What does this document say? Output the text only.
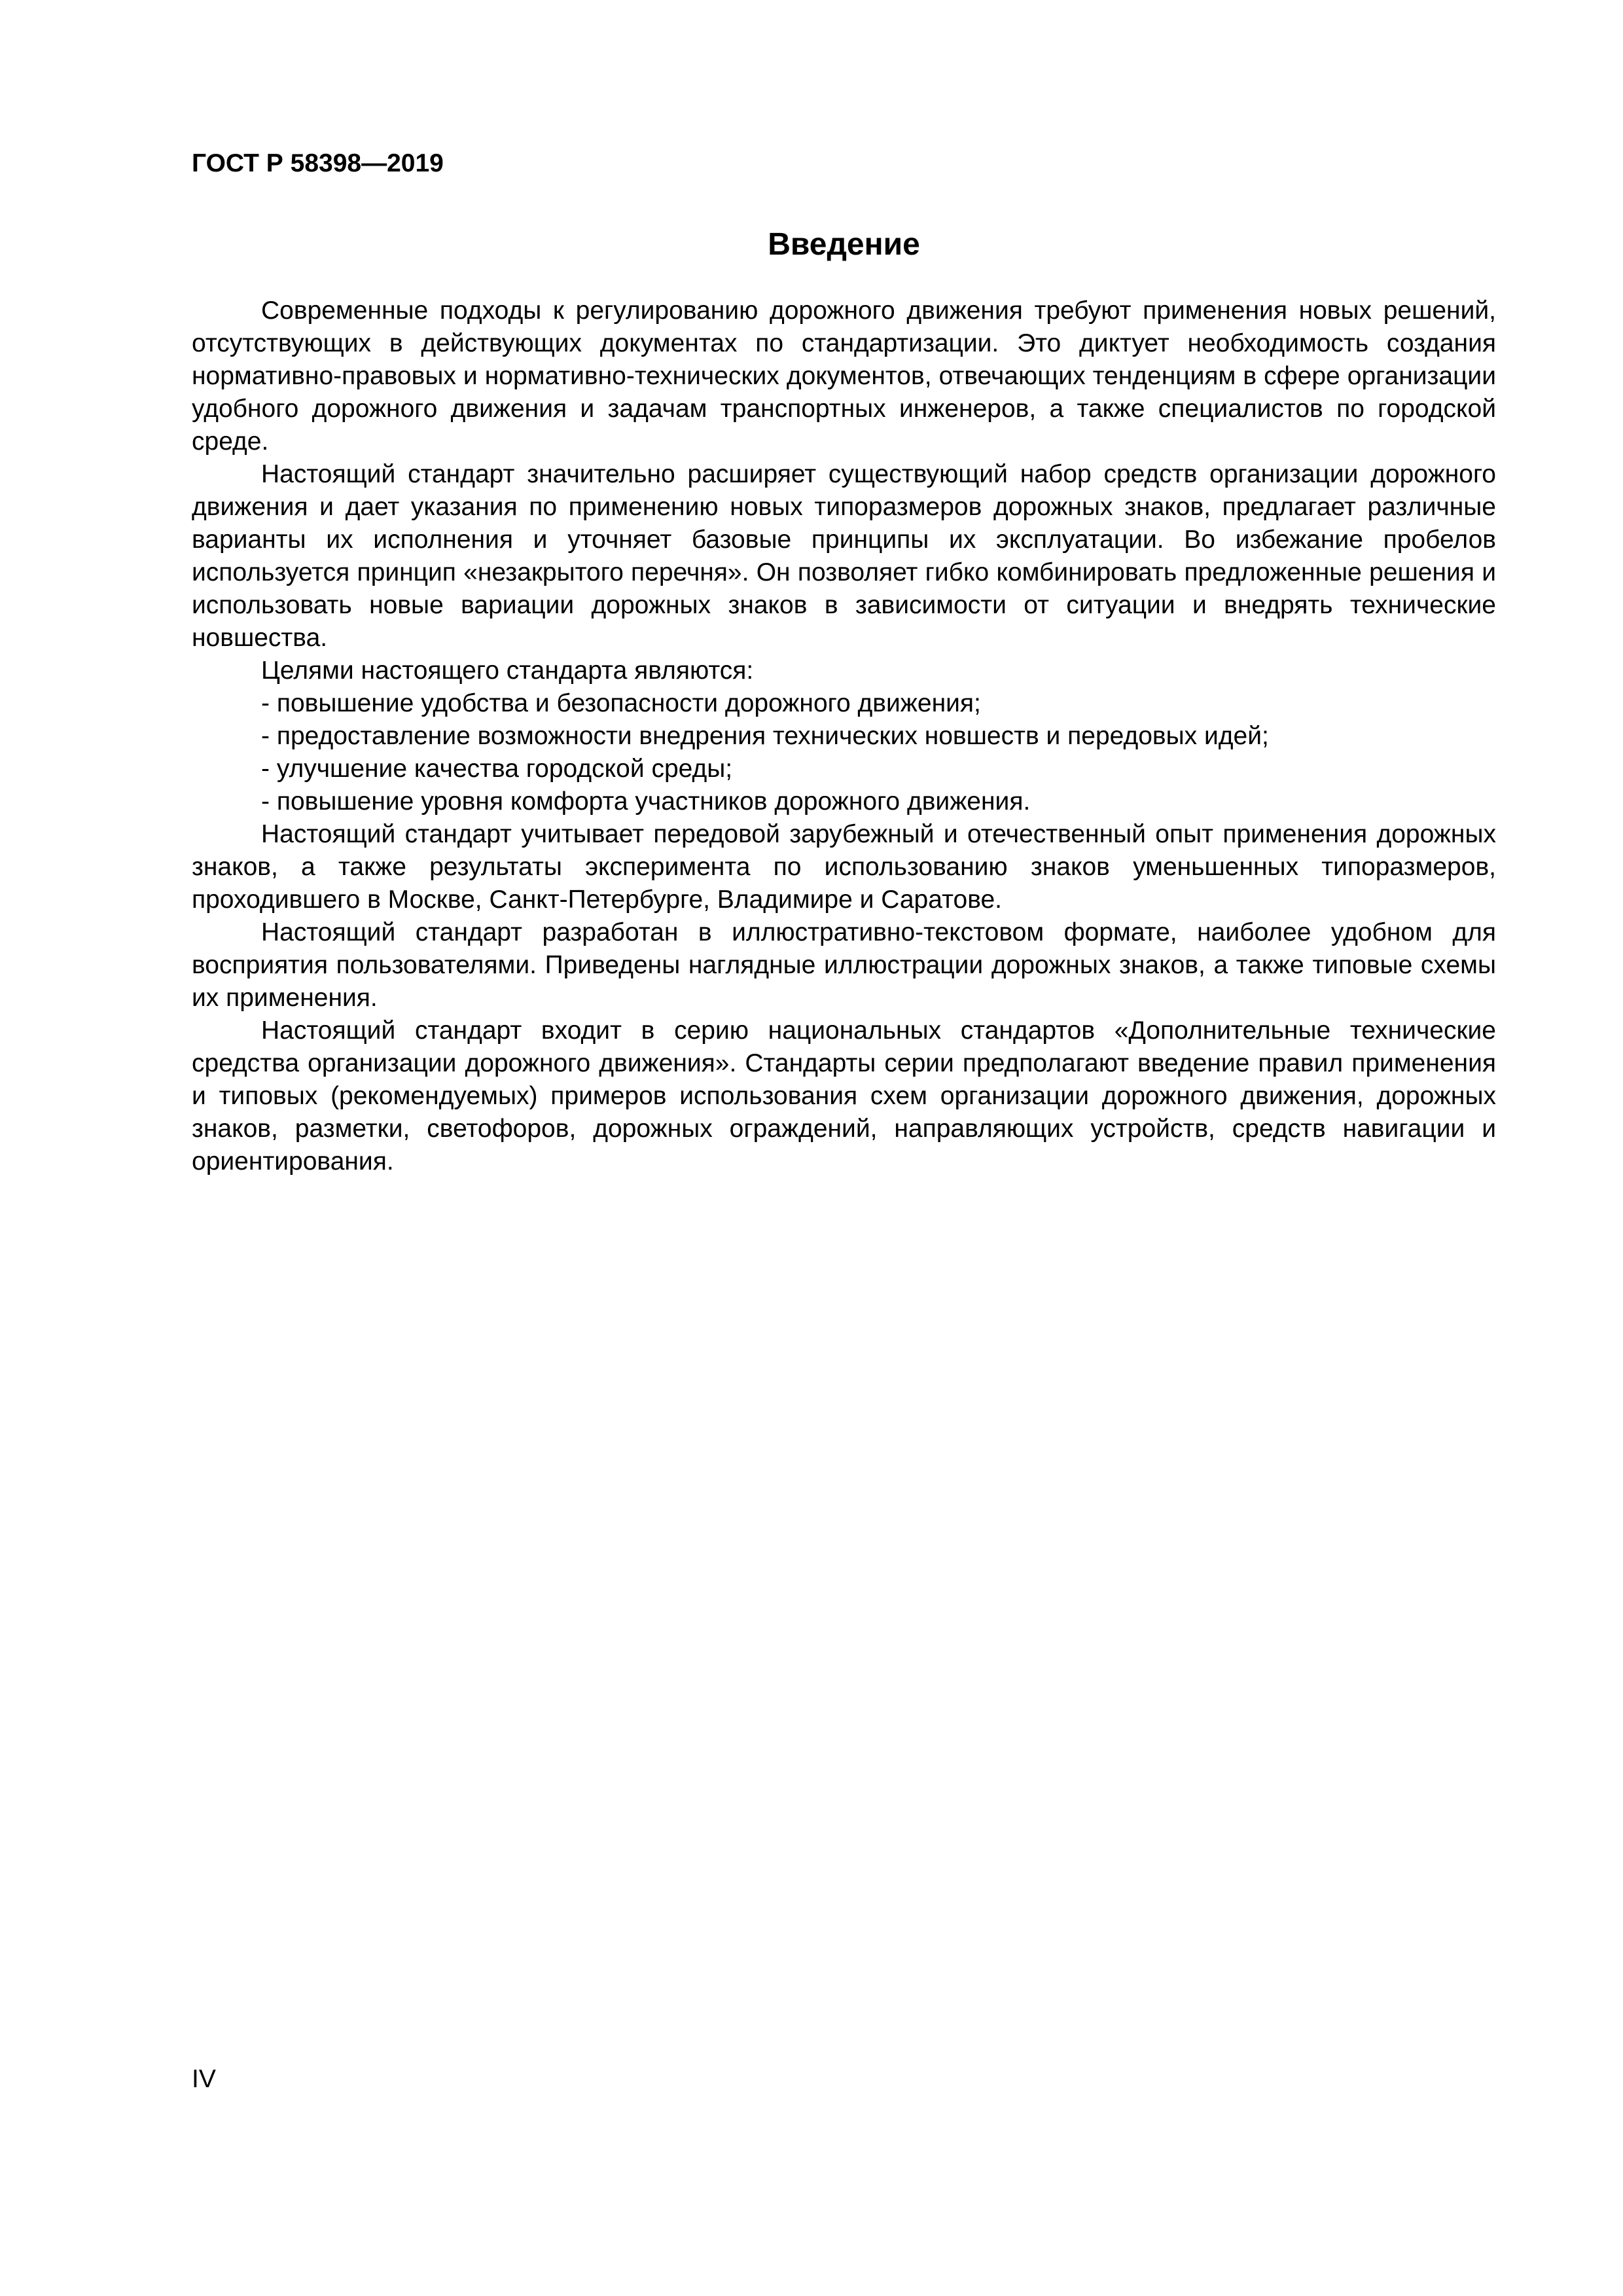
ГОСТ Р 58398—2019
Введение

Современные подходы к регулированию дорожного движения требуют применения новых решений, отсутствующих в действующих документах по стандартизации. Это диктует необходимость создания нормативно-правовых и нормативно-технических документов, отвечающих тенденциям в сфере организации удобного дорожного движения и задачам транспортных инженеров, а также специалистов по городской среде.

Настоящий стандарт значительно расширяет существующий набор средств организации дорожного движения и дает указания по применению новых типоразмеров дорожных знаков, предлагает различные варианты их исполнения и уточняет базовые принципы их эксплуатации. Во избежание пробелов используется принцип «незакрытого перечня». Он позволяет гибко комбинировать предложенные решения и использовать новые вариации дорожных знаков в зависимости от ситуации и внедрять технические новшества.

Целями настоящего стандарта являются:

- повышение удобства и безопасности дорожного движения;

- предоставление возможности внедрения технических новшеств и передовых идей;

- улучшение качества городской среды;

- повышение уровня комфорта участников дорожного движения.

Настоящий стандарт учитывает передовой зарубежный и отечественный опыт применения дорожных знаков, а также результаты эксперимента по использованию знаков уменьшенных типоразмеров, проходившего в Москве, Санкт-Петербурге, Владимире и Саратове.

Настоящий стандарт разработан в иллюстративно-текстовом формате, наиболее удобном для восприятия пользователями. Приведены наглядные иллюстрации дорожных знаков, а также типовые схемы их применения.

Настоящий стандарт входит в серию национальных стандартов «Дополнительные технические средства организации дорожного движения». Стандарты серии предполагают введение правил применения и типовых (рекомендуемых) примеров использования схем организации дорожного движения, дорожных знаков, разметки, светофоров, дорожных ограждений, направляющих устройств, средств навигации и ориентирования.

IV
